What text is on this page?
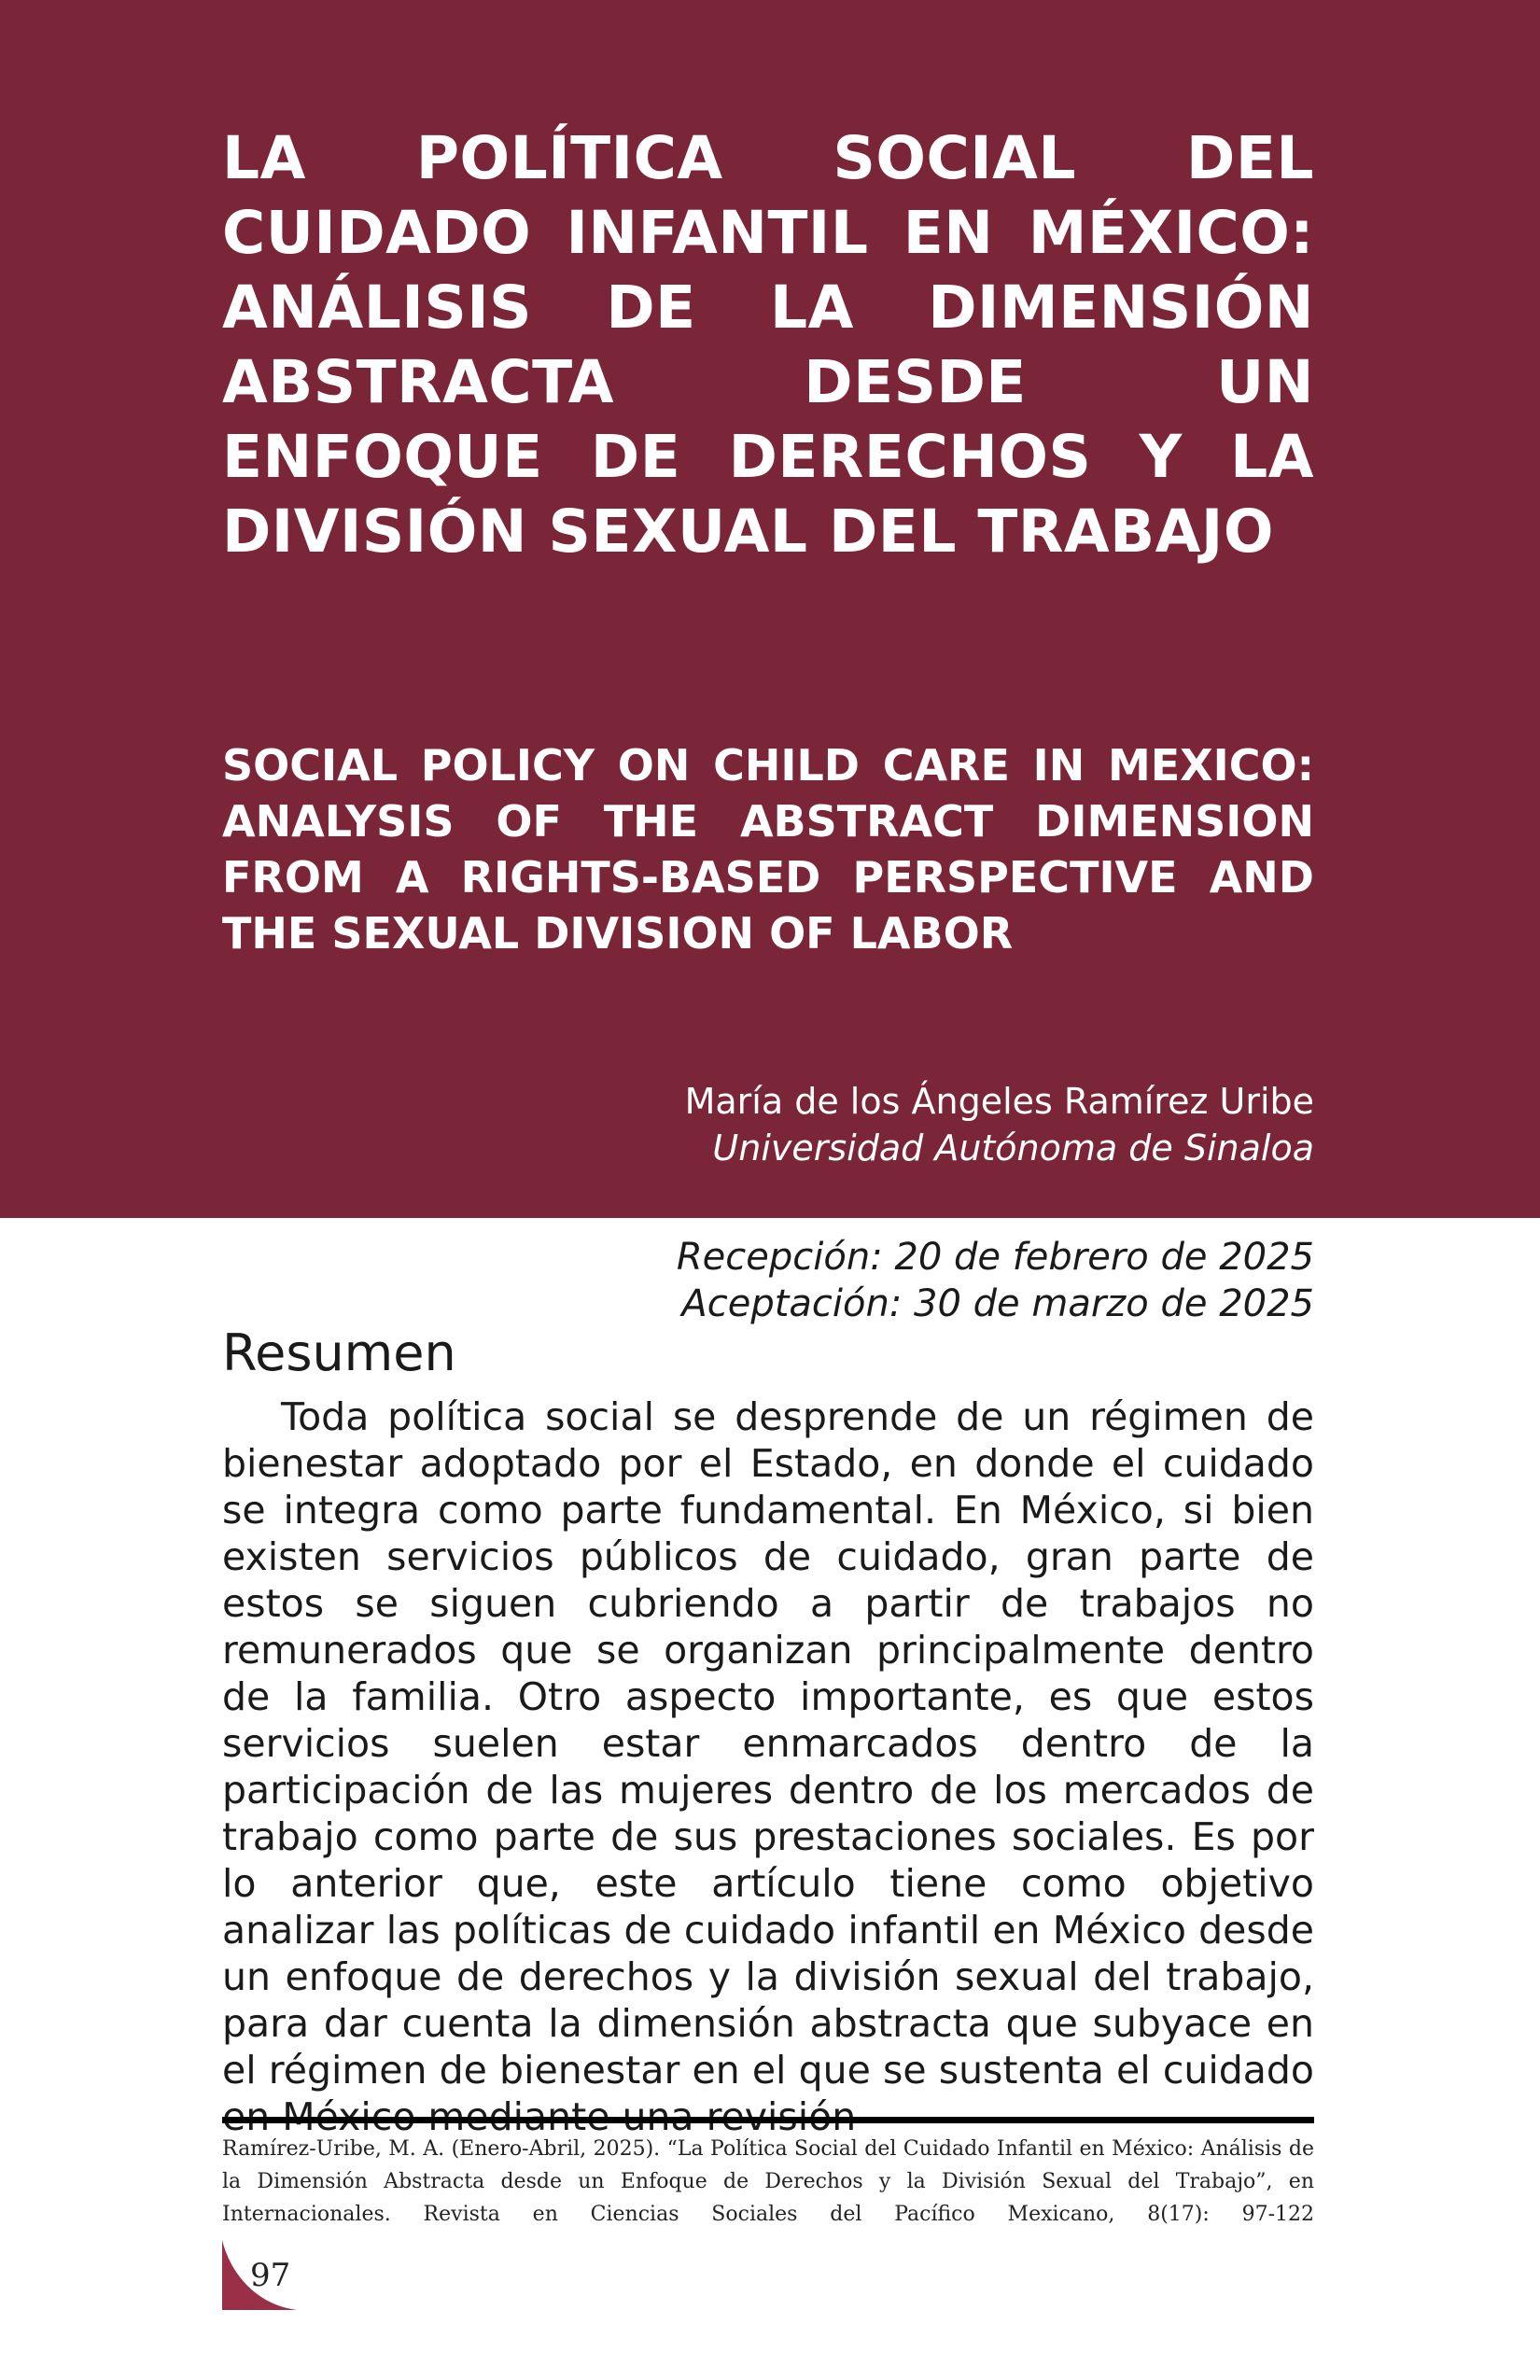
LA POLÍTICA SOCIAL DEL CUIDADO INFANTIL EN MÉXICO: ANÁLISIS DE LA DIMENSIÓN ABSTRACTA DESDE UN ENFOQUE DE DERECHOS Y LA DIVISIÓN SEXUAL DEL TRABAJO
SOCIAL POLICY ON CHILD CARE IN MEXICO: ANALYSIS OF THE ABSTRACT DIMENSION FROM A RIGHTS-BASED PERSPECTIVE AND THE SEXUAL DIVISION OF LABOR
María de los Ángeles Ramírez Uribe
Universidad Autónoma de Sinaloa
Recepción: 20 de febrero de 2025
Aceptación: 30 de marzo de 2025
Resumen

Toda política social se desprende de un régimen de bienestar adoptado por el Estado, en donde el cuidado se integra como parte fundamental. En México, si bien existen servicios públicos de cuidado, gran parte de estos se siguen cubriendo a partir de trabajos no remunerados que se organizan principalmente dentro de la familia. Otro aspecto importante, es que estos servicios suelen estar enmarcados dentro de la participación de las mujeres dentro de los mercados de trabajo como parte de sus prestaciones sociales. Es por lo anterior que, este artículo tiene como objetivo analizar las políticas de cuidado infantil en México desde un enfoque de derechos y la división sexual del trabajo, para dar cuenta la dimensión abstracta que subyace en el régimen de bienestar en el que se sustenta el cuidado

Ramírez-Uribe, M. A. (Enero-Abril, 2025). “La Política Social del Cuidado Infantil en México: Análisis de la Dimensión Abstracta desde un Enfoque de Derechos y la División Sexual del Trabajo”, en Internacionales. Revista en Ciencias Sociales del Pacífico Mexicano, 8(17): 97-122

97
